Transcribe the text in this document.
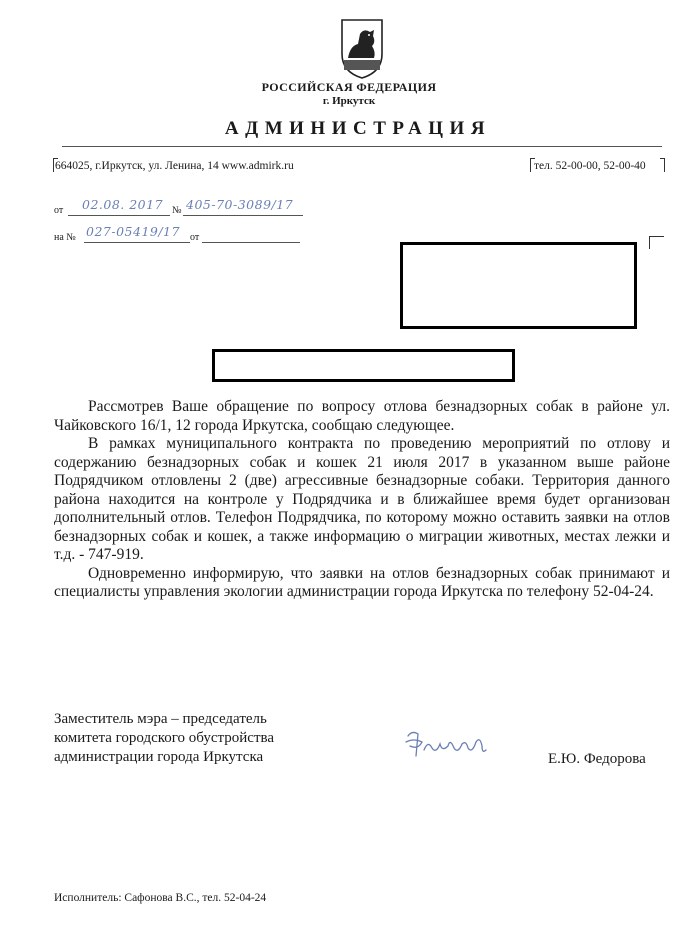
РОССИЙСКАЯ ФЕДЕРАЦИЯ
г. Иркутск
АДМИНИСТРАЦИЯ
664025, г.Иркутск, ул. Ленина, 14 www.admirk.ru	тел. 52-00-00, 52-00-40
от 02.08. 2017 № 405-70-3089/17
на № 027-05419/17 от

Рассмотрев Ваше обращение по вопросу отлова безнадзорных собак в районе ул. Чайковского 16/1, 12 города Иркутска, сообщаю следующее.

В рамках муниципального контракта по проведению мероприятий по отлову и содержанию безнадзорных собак и кошек 21 июля 2017 в указанном выше районе Подрядчиком отловлены 2 (две) агрессивные безнадзорные собаки. Территория данного района находится на контроле у Подрядчика и в ближайшее время будет организован дополнительный отлов. Телефон Подрядчика, по которому можно оставить заявки на отлов безнадзорных собак и кошек, а также информацию о миграции животных, местах лежки и т.д. - 747-919.

Одновременно информирую, что заявки на отлов безнадзорных собак принимают и специалисты управления экологии администрации города Иркутска по телефону 52-04-24.

Заместитель мэра – председатель
комитета городского обустройства
администрации города Иркутска	Е.Ю. Федорова
Исполнитель: Сафонова В.С., тел. 52-04-24
